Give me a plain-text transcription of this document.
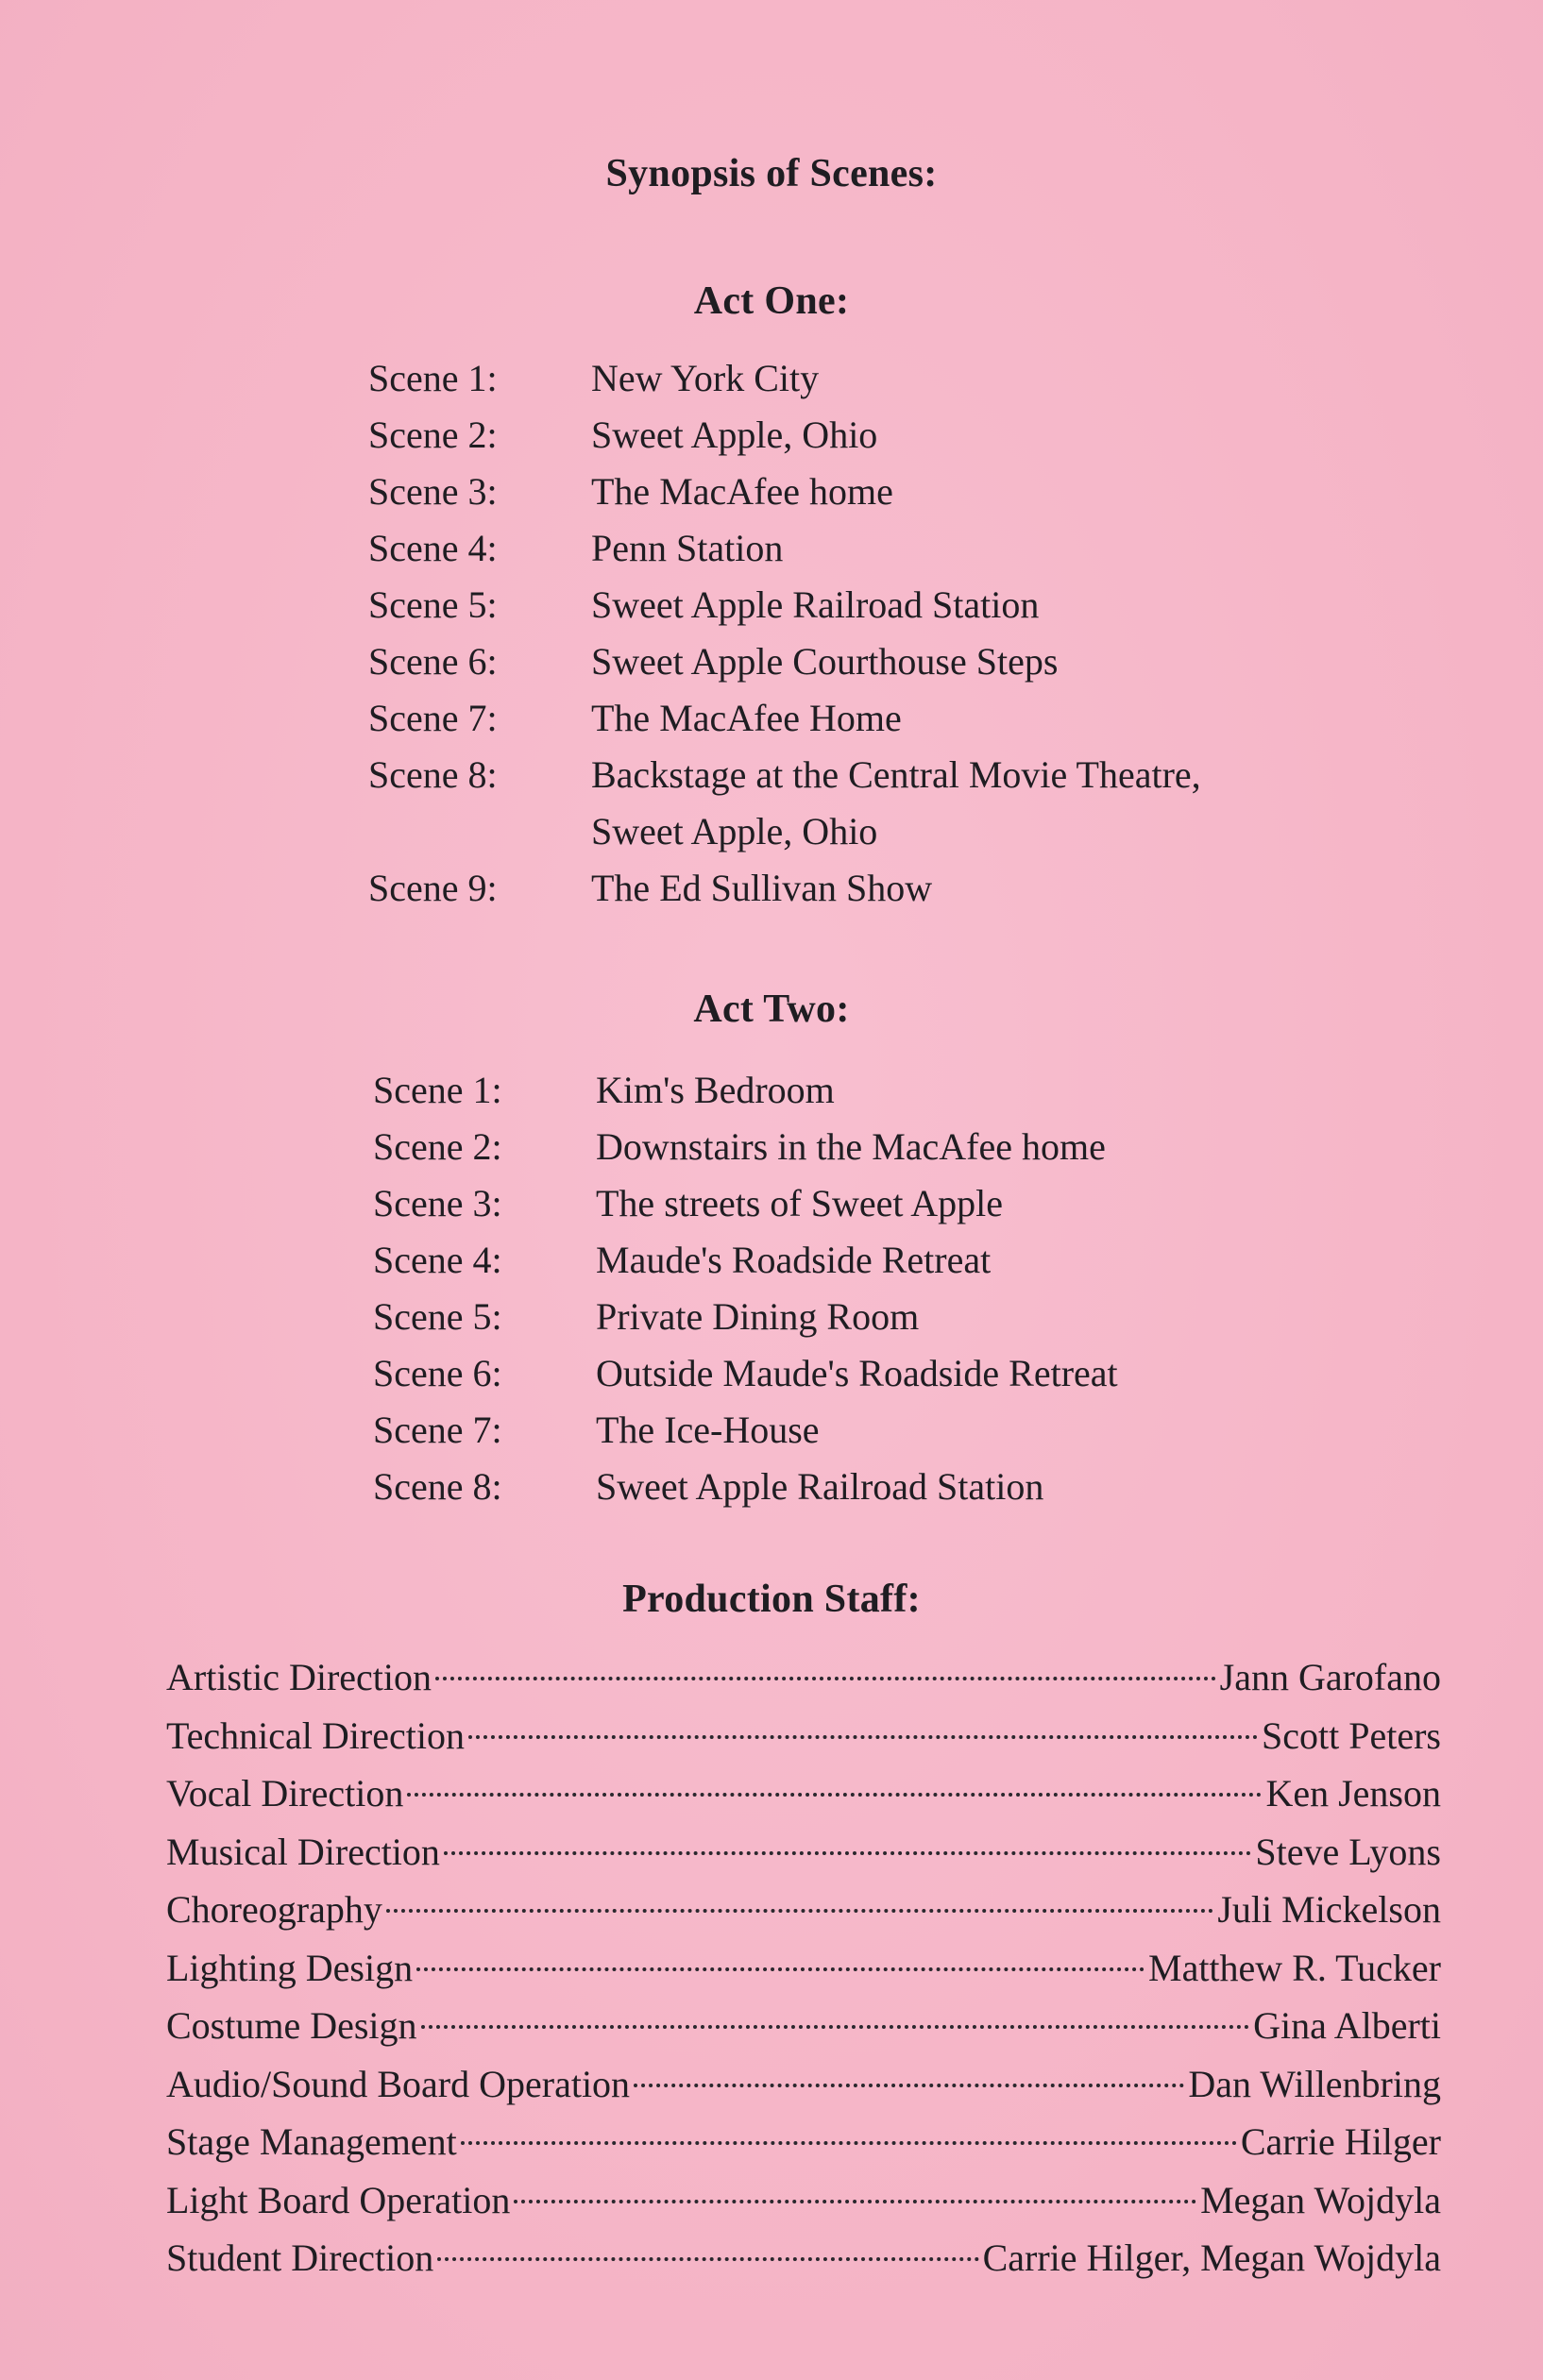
Synopsis of Scenes:
Act One:
Scene 1:	New York City
Scene 2:	Sweet Apple, Ohio
Scene 3:	The MacAfee home
Scene 4:	Penn Station
Scene 5:	Sweet Apple Railroad Station
Scene 6:	Sweet Apple Courthouse Steps
Scene 7:	The MacAfee Home
Scene 8:	Backstage at the Central Movie Theatre,
Sweet Apple, Ohio
Scene 9:	The Ed Sullivan Show
Act Two:
Scene 1:	Kim's Bedroom
Scene 2:	Downstairs in the MacAfee home
Scene 3:	The streets of Sweet Apple
Scene 4:	Maude's Roadside Retreat
Scene 5:	Private Dining Room
Scene 6:	Outside Maude's Roadside Retreat
Scene 7:	The Ice-House
Scene 8:	Sweet Apple Railroad Station
Production Staff:
Artistic Direction	Jann Garofano
Technical Direction	Scott Peters
Vocal Direction	Ken Jenson
Musical Direction	Steve Lyons
Choreography	Juli Mickelson
Lighting Design	Matthew R. Tucker
Costume Design	Gina Alberti
Audio/Sound Board Operation	Dan Willenbring
Stage Management	Carrie Hilger
Light Board Operation	Megan Wojdyla
Student Direction	Carrie Hilger, Megan Wojdyla
